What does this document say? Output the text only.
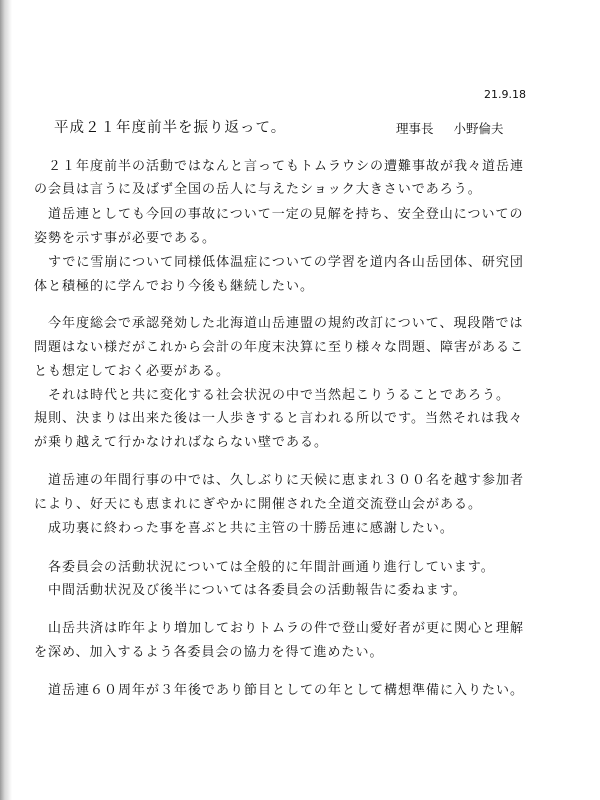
21.9.18
平成２１年度前半を振り返って。	理事長 小野倫夫
　２１年度前半の活動ではなんと言ってもトムラウシの遭難事故が我々道岳連
の会員は言うに及ばず全国の岳人に与えたショック大きさいであろう。
　道岳連としても今回の事故について一定の見解を持ち、安全登山についての
姿勢を示す事が必要である。
　すでに雪崩について同様低体温症についての学習を道内各山岳団体、研究団
体と積極的に学んでおり今後も継続したい。
　今年度総会で承認発効した北海道山岳連盟の規約改訂について、現段階では
問題はない様だがこれから会計の年度末決算に至り様々な問題、障害があるこ
とも想定しておく必要がある。
　それは時代と共に変化する社会状況の中で当然起こりうることであろう。
規則、決まりは出来た後は一人歩きすると言われる所以です。当然それは我々
が乗り越えて行かなければならない壁である。
　道岳連の年間行事の中では、久しぶりに天候に恵まれ３００名を越す参加者
により、好天にも恵まれにぎやかに開催された全道交流登山会がある。
　成功裏に終わった事を喜ぶと共に主管の十勝岳連に感謝したい。
　各委員会の活動状況については全般的に年間計画通り進行しています。
　中間活動状況及び後半については各委員会の活動報告に委ねます。
　山岳共済は昨年より増加しておりトムラの件で登山愛好者が更に関心と理解
を深め、加入するよう各委員会の協力を得て進めたい。
　道岳連６０周年が３年後であり節目としての年として構想準備に入りたい。
